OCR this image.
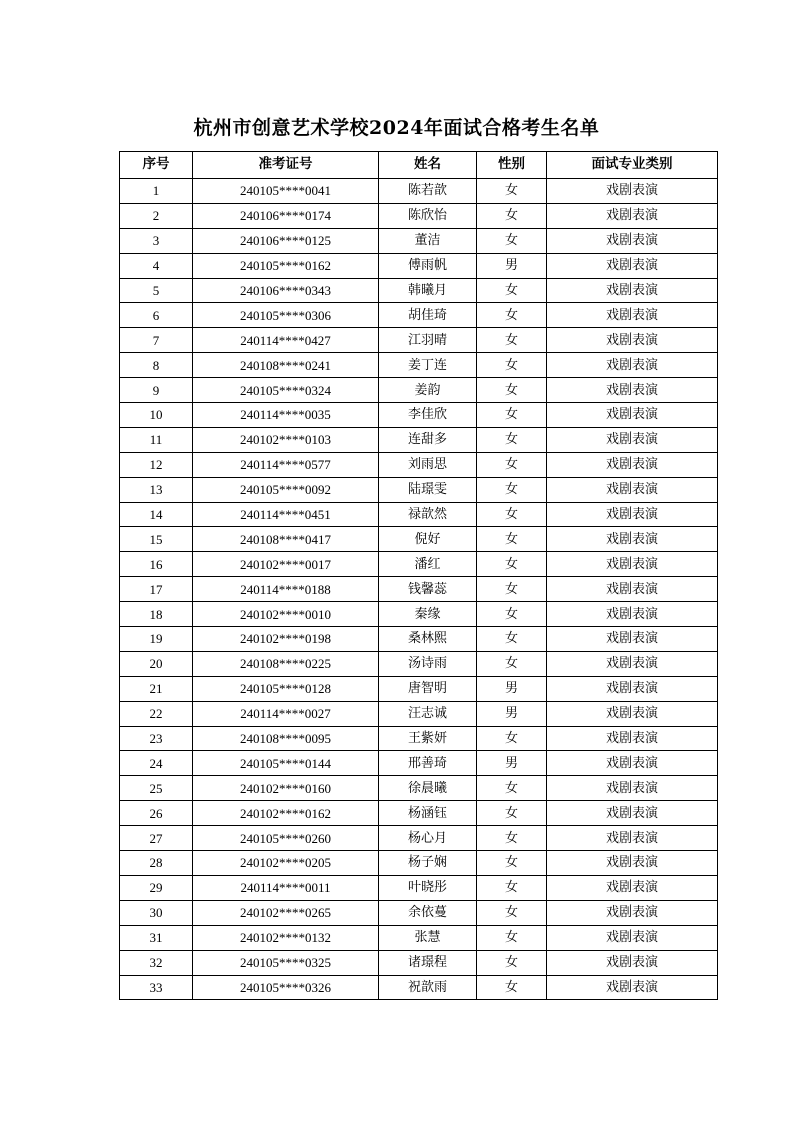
杭州市创意艺术学校2024年面试合格考生名单
序号	准考证号	姓名	性别	面试专业类别
1	240105****0041	陈若歆	女	戏剧表演
2	240106****0174	陈欣怡	女	戏剧表演
3	240106****0125	董洁	女	戏剧表演
4	240105****0162	傅雨帆	男	戏剧表演
5	240106****0343	韩曦月	女	戏剧表演
6	240105****0306	胡佳琦	女	戏剧表演
7	240114****0427	江羽晴	女	戏剧表演
8	240108****0241	姜丁连	女	戏剧表演
9	240105****0324	姜韵	女	戏剧表演
10	240114****0035	李佳欣	女	戏剧表演
11	240102****0103	连甜多	女	戏剧表演
12	240114****0577	刘雨思	女	戏剧表演
13	240105****0092	陆璟雯	女	戏剧表演
14	240114****0451	禄歆然	女	戏剧表演
15	240108****0417	倪好	女	戏剧表演
16	240102****0017	潘红	女	戏剧表演
17	240114****0188	钱馨蕊	女	戏剧表演
18	240102****0010	秦缘	女	戏剧表演
19	240102****0198	桑林熙	女	戏剧表演
20	240108****0225	汤诗雨	女	戏剧表演
21	240105****0128	唐智明	男	戏剧表演
22	240114****0027	汪志诚	男	戏剧表演
23	240108****0095	王紫妍	女	戏剧表演
24	240105****0144	邢善琦	男	戏剧表演
25	240102****0160	徐晨曦	女	戏剧表演
26	240102****0162	杨涵钰	女	戏剧表演
27	240105****0260	杨心月	女	戏剧表演
28	240102****0205	杨子娴	女	戏剧表演
29	240114****0011	叶晓彤	女	戏剧表演
30	240102****0265	余依蔓	女	戏剧表演
31	240102****0132	张慧	女	戏剧表演
32	240105****0325	诸璟程	女	戏剧表演
33	240105****0326	祝歆雨	女	戏剧表演
